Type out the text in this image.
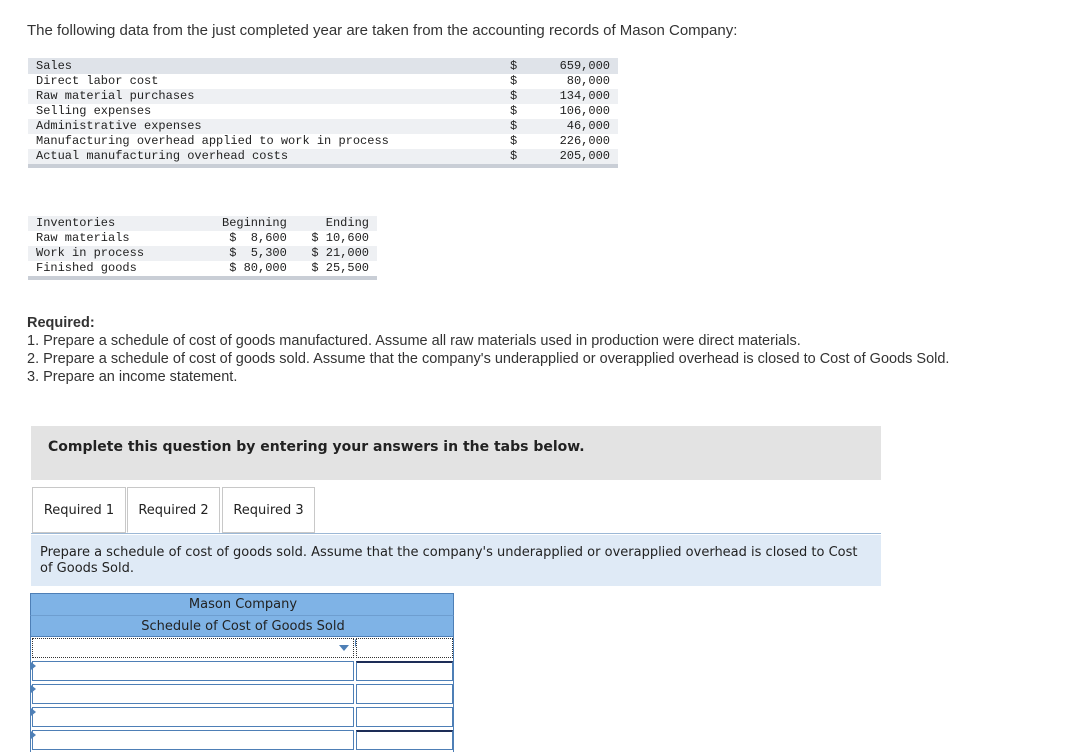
The following data from the just completed year are taken from the accounting records of Mason Company:
Sales	$	659,000
Direct labor cost	$	80,000
Raw material purchases	$	134,000
Selling expenses	$	106,000
Administrative expenses	$	46,000
Manufacturing overhead applied to work in process	$	226,000
Actual manufacturing overhead costs	$	205,000

Inventories	Beginning	Ending
Raw materials	$  8,600	$ 10,600
Work in process	$  5,300	$ 21,000
Finished goods	$ 80,000	$ 25,500

Required:
1. Prepare a schedule of cost of goods manufactured. Assume all raw materials used in production were direct materials.
2. Prepare a schedule of cost of goods sold. Assume that the company's underapplied or overapplied overhead is closed to Cost of Goods Sold.
3. Prepare an income statement.
Complete this question by entering your answers in the tabs below.
Required 1	Required 2	Required 3
Prepare a schedule of cost of goods sold. Assume that the company's underapplied or overapplied overhead is closed to Cost of Goods Sold.
Mason Company
Schedule of Cost of Goods Sold
